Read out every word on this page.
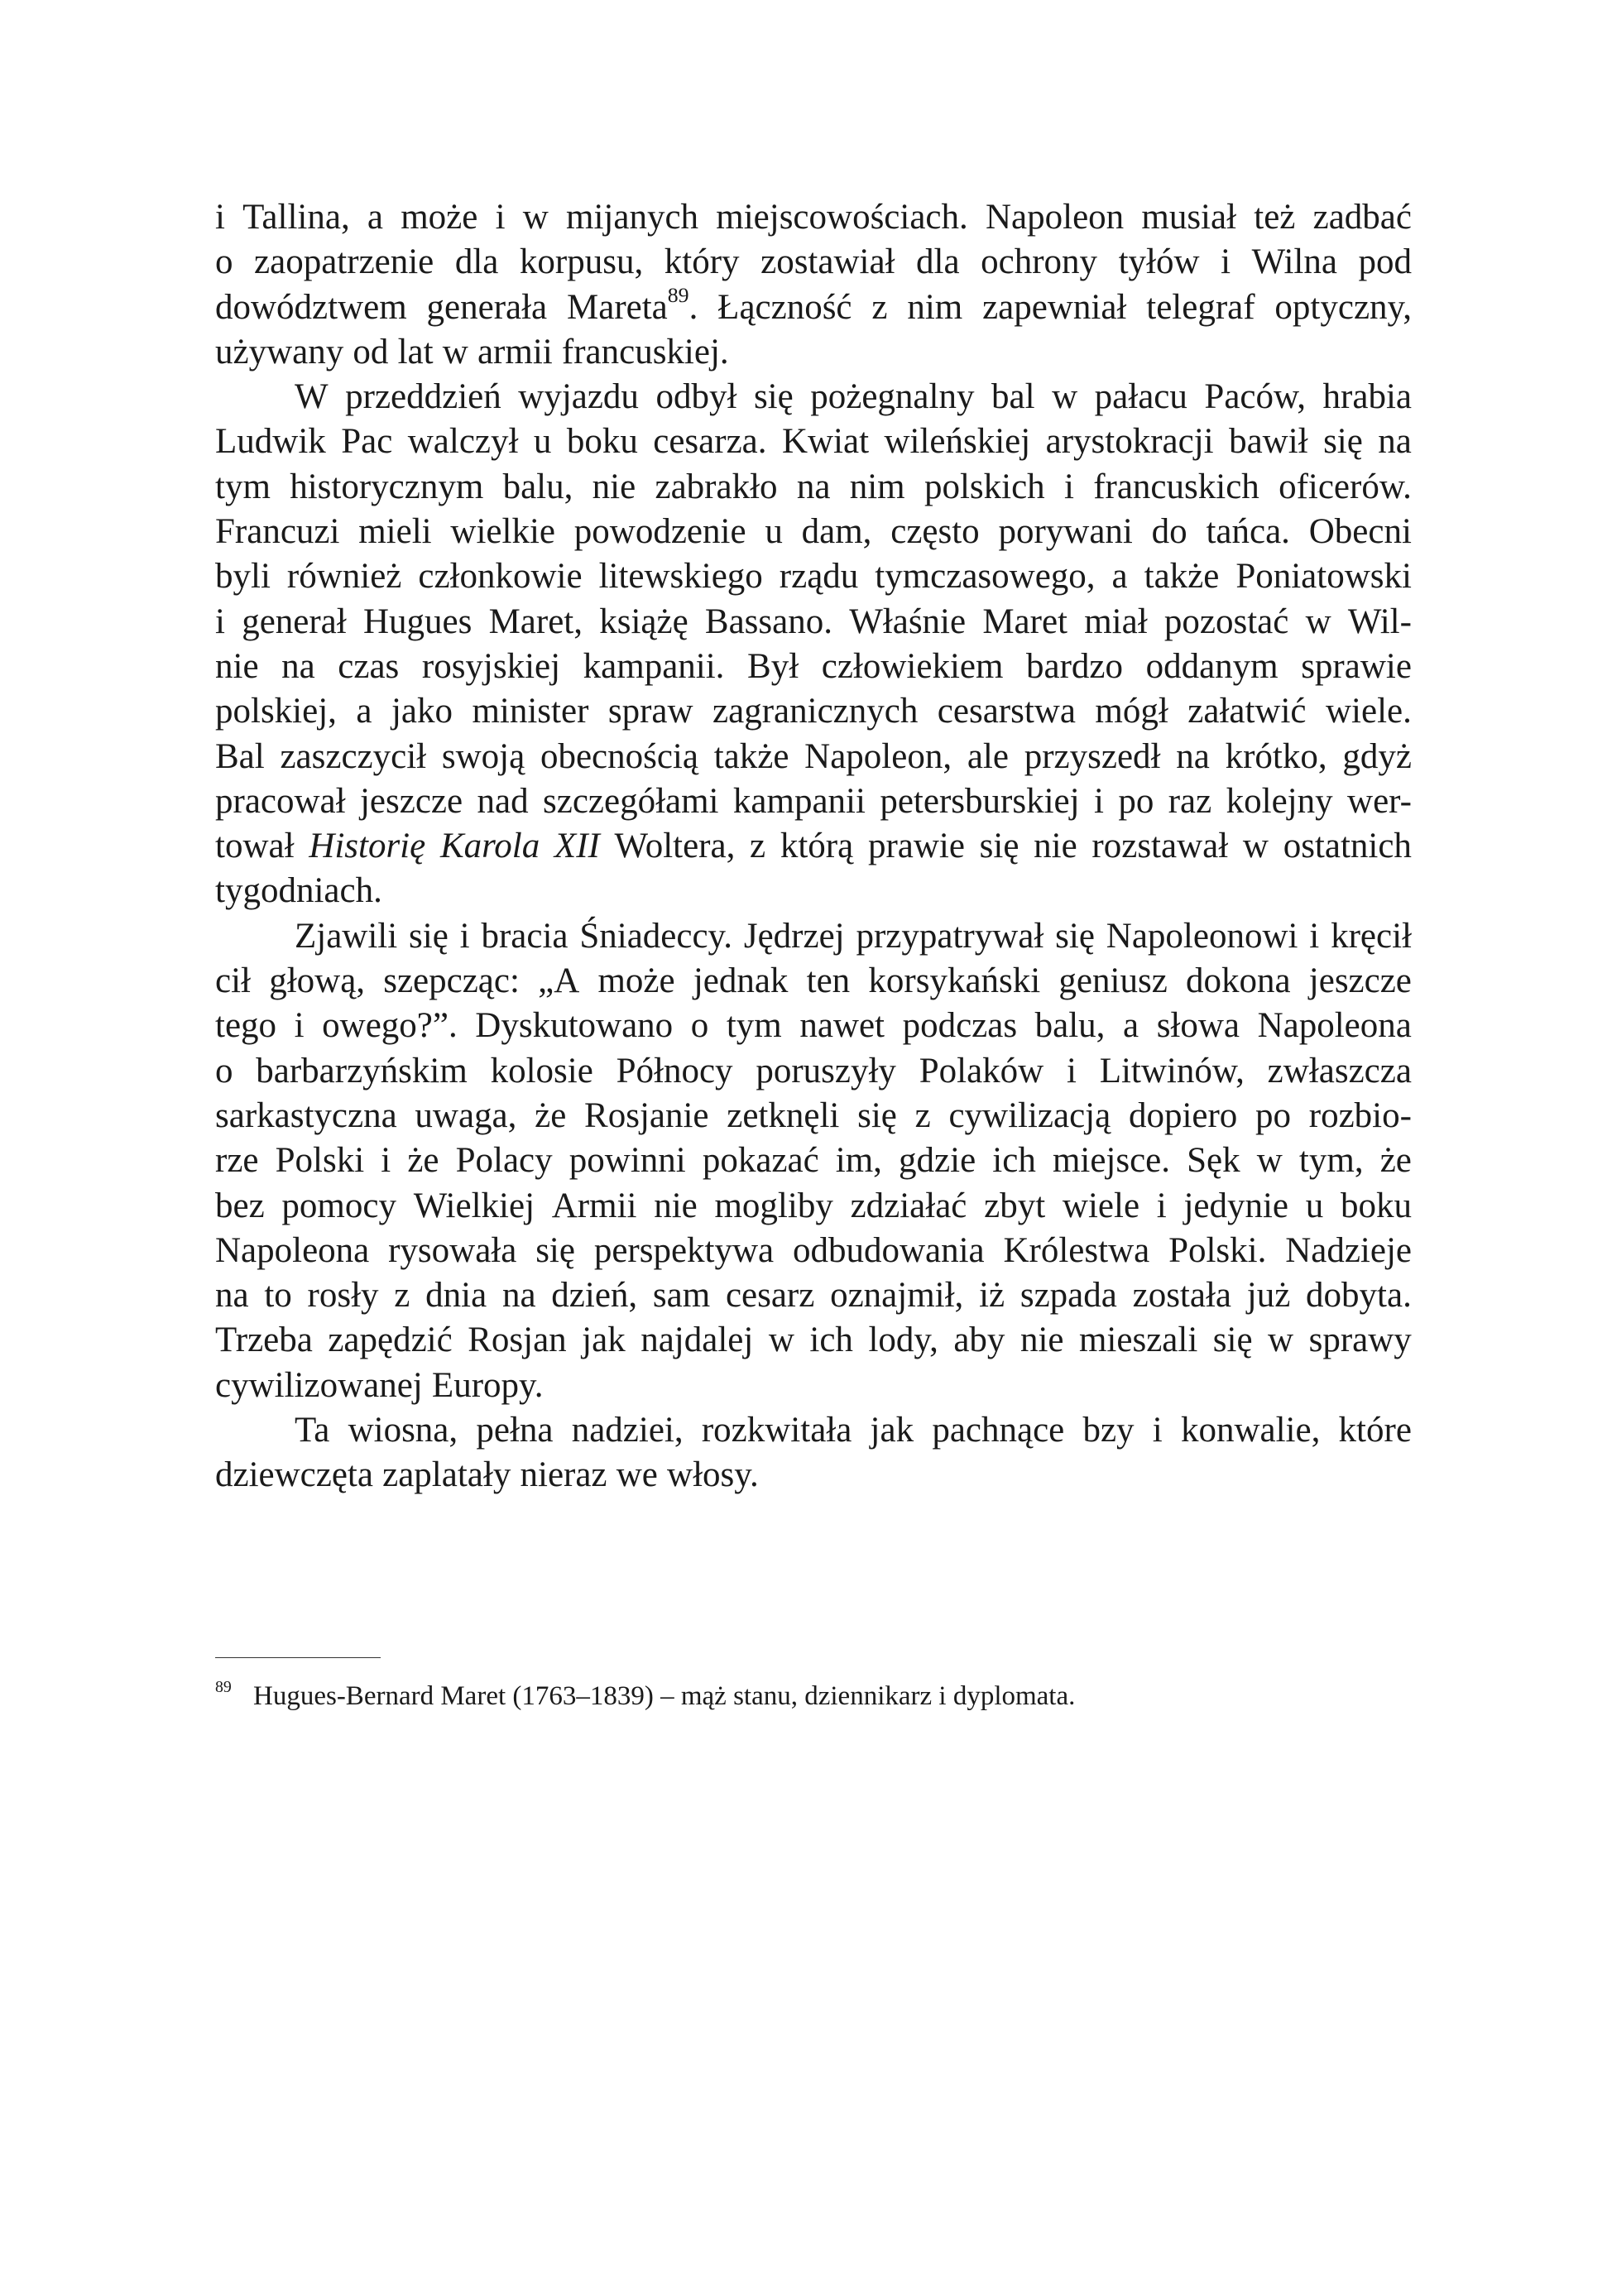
i Tallina, a może i w mijanych miejscowościach. Napoleon musiał też zadbać
o zaopatrzenie dla korpusu, który zostawiał dla ochrony tyłów i Wilna pod
dowództwem generała Mareta$^{89}$. Łączność z nim zapewniał telegraf optyczny,
używany od lat w armii francuskiej.
W przeddzień wyjazdu odbył się pożegnalny bal w pałacu Paców, hrabia
Ludwik Pac walczył u boku cesarza. Kwiat wileńskiej arystokracji bawił się na
tym historycznym balu, nie zabrakło na nim polskich i francuskich oficerów.
Francuzi mieli wielkie powodzenie u dam, często porywani do tańca. Obecni
byli również członkowie litewskiego rządu tymczasowego, a także Poniatowski
i generał Hugues Maret, książę Bassano. Właśnie Maret miał pozostać w Wil-
nie na czas rosyjskiej kampanii. Był człowiekiem bardzo oddanym sprawie
polskiej, a jako minister spraw zagranicznych cesarstwa mógł załatwić wiele.
Bal zaszczycił swoją obecnością także Napoleon, ale przyszedł na krótko, gdyż
pracował jeszcze nad szczegółami kampanii petersburskiej i po raz kolejny wer-
tował Historię Karola XII Woltera, z którą prawie się nie rozstawał w ostatnich
tygodniach.
Zjawili się i bracia Śniadeccy. Jędrzej przypatrywał się Napoleonowi i kręcił
cił głową, szepcząc: „A może jednak ten korsykański geniusz dokona jeszcze
tego i owego?”. Dyskutowano o tym nawet podczas balu, a słowa Napoleona
o barbarzyńskim kolosie Północy poruszyły Polaków i Litwinów, zwłaszcza
sarkastyczna uwaga, że Rosjanie zetknęli się z cywilizacją dopiero po rozbio-
rze Polski i że Polacy powinni pokazać im, gdzie ich miejsce. Sęk w tym, że
bez pomocy Wielkiej Armii nie mogliby zdziałać zbyt wiele i jedynie u boku
Napoleona rysowała się perspektywa odbudowania Królestwa Polski. Nadzieje
na to rosły z dnia na dzień, sam cesarz oznajmił, iż szpada została już dobyta.
Trzeba zapędzić Rosjan jak najdalej w ich lody, aby nie mieszali się w sprawy
cywilizowanej Europy.
Ta wiosna, pełna nadziei, rozkwitała jak pachnące bzy i konwalie, które
dziewczęta zaplatały nieraz we włosy.
89 Hugues-Bernard Maret (1763–1839) – mąż stanu, dziennikarz i dyplomata.
